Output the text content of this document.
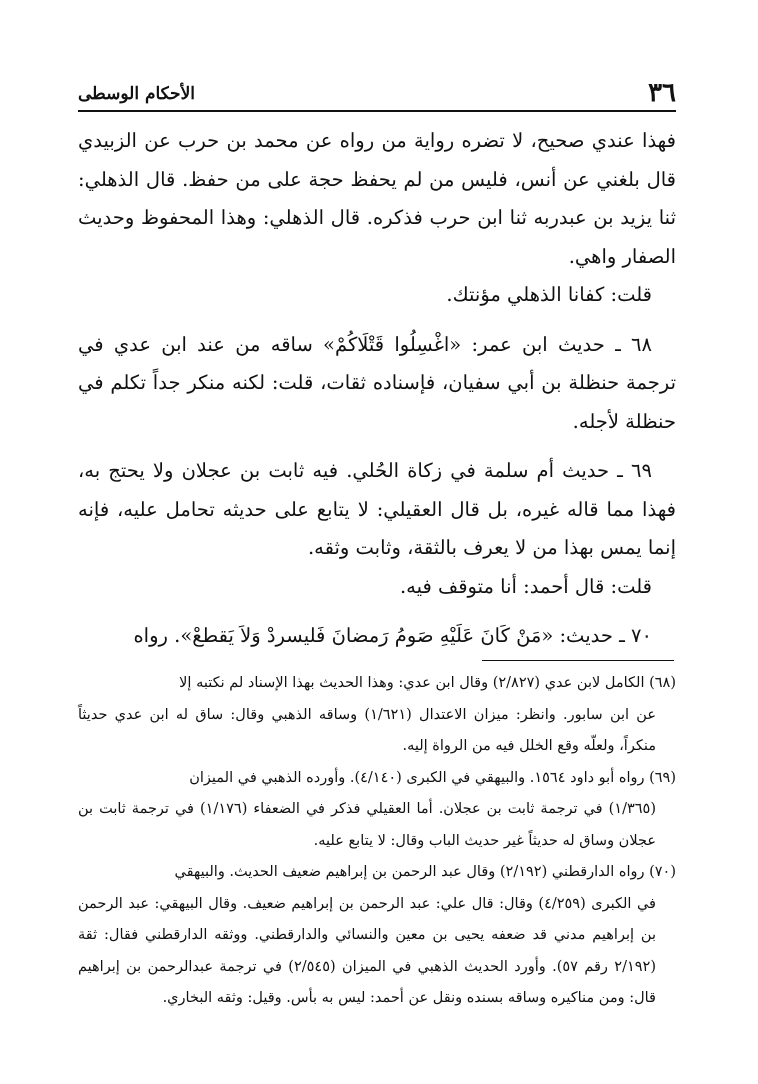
٣٦
الأحكام الوسطى

فهذا عندي صحيح، لا تضره رواية من رواه عن محمد بن حرب عن الزبيدي قال بلغني عن أنس، فليس من لم يحفظ حجة على من حفظ. قال الذهلي: ثنا يزيد بن عبدربه ثنا ابن حرب فذكره. قال الذهلي: وهذا المحفوظ وحديث الصفار واهي.

قلت: كفانا الذهلي مؤنتك.

٦٨ ـ حديث ابن عمر: «اغْسِلُوا قَتْلَاكُمْ» ساقه من عند ابن عدي في ترجمة حنظلة بن أبي سفيان، فإسناده ثقات، قلت: لكنه منكر جداً تكلم في حنظلة لأجله.

٦٩ ـ حديث أم سلمة في زكاة الحُلي. فيه ثابت بن عجلان ولا يحتج به، فهذا مما قاله غيره، بل قال العقيلي: لا يتابع على حديثه تحامل عليه، فإنه إنما يمس بهذا من لا يعرف بالثقة، وثابت وثقه.

قلت: قال أحمد: أنا متوقف فيه.

٧٠ ـ حديث: «مَنْ كَانَ عَلَيْهِ صَومُ رَمضانَ فَليسردْ وَلاَ يَقطعْ». رواه

(٦٨) الكامل لابن عدي (٢/٨٢٧) وقال ابن عدي: وهذا الحديث بهذا الإسناد لم نكتبه إلا

عن ابن سابور. وانظر: ميزان الاعتدال (١/٦٢١) وساقه الذهبي وقال: ساق له ابن عدي حديثاً منكراً، ولعلّه وقع الخلل فيه من الرواة إليه.

(٦٩) رواه أبو داود ١٥٦٤. والبيهقي في الكبرى (٤/١٤٠). وأورده الذهبي في الميزان

(١/٣٦٥) في ترجمة ثابت بن عجلان. أما العقيلي فذكر في الضعفاء (١/١٧٦) في ترجمة ثابت بن عجلان وساق له حديثاً غير حديث الباب وقال: لا يتابع عليه.

(٧٠) رواه الدارقطني (٢/١٩٢) وقال عبد الرحمن بن إبراهيم ضعيف الحديث. والبيهقي

في الكبرى (٤/٢٥٩) وقال: قال علي: عبد الرحمن بن إبراهيم ضعيف. وقال البيهقي: عبد الرحمن بن إبراهيم مدني قد ضعفه يحيى بن معين والنسائي والدارقطني. ووثقه الدارقطني فقال: ثقة (٢/١٩٢ رقم ٥٧). وأورد الحديث الذهبي في الميزان (٢/٥٤٥) في ترجمة عبدالرحمن بن إبراهيم قال: ومن مناكيره وساقه بسنده ونقل عن أحمد: ليس به بأس. وقيل: وثقه البخاري.
